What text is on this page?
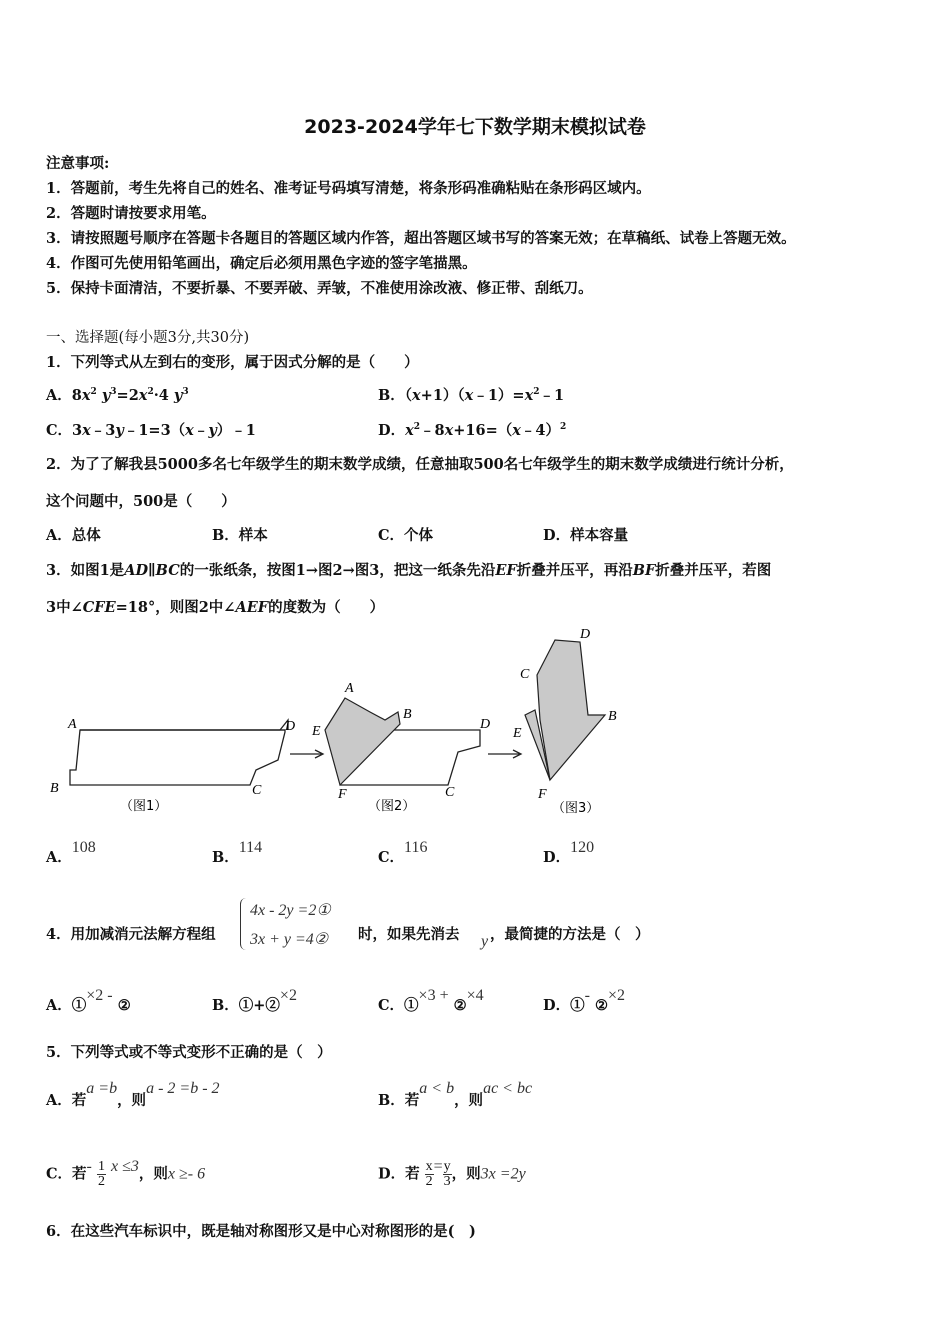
2023-2024学年七下数学期末模拟试卷
注意事项:
1．答题前，考生先将自己的姓名、准考证号码填写清楚，将条形码准确粘贴在条形码区域内。
2．答题时请按要求用笔。
3．请按照题号顺序在答题卡各题目的答题区域内作答，超出答题区域书写的答案无效；在草稿纸、试卷上答题无效。
4．作图可先使用铅笔画出，确定后必须用黑色字迹的签字笔描黑。
5．保持卡面清洁，不要折暴、不要弄破、弄皱，不准使用涂改液、修正带、刮纸刀。
一、选择题(每小题3分,共30分)
1．下列等式从左到右的变形，属于因式分解的是（　　）
A．$8x^2$ $y^3=2x^2\cdot 4$ $y^3$	B．$(x+1)(x﹣1)=x^2﹣1$
C．3x﹣3y﹣1=3（x﹣y）﹣1	D．$x^2﹣8x+16=(x﹣4)^2$
2．为了了解我县5000多名七年级学生的期末数学成绩，任意抽取500名七年级学生的期末数学成绩进行统计分析，
这个问题中，500是（　　）
A．总体	B．样本	C．个体	D．样本容量
3．如图1是AD∥BC的一张纸条，按图1→图2→图3，把这一纸条先沿EF折叠并压平，再沿BF折叠并压平，若图
3中∠CFE=18°，则图2中∠AEF的度数为（　　）
A
B	C
D
（图1）
A
B
C
D
E
F
（图2）
D
C
B
E
F
（图3）
A．108
B．114
C．116
D．120
4．用加减消元法解方程组
4x - 2y =2①
3x + y =4② 时，如果先消去 y ，最简捷的方法是（　）
A．①×2 - ②	B．①+②×2
C．①×3 + ②×4
D．①- ②×2
5．下列等式或不等式变形不正确的是（　）
A．若a =b，则a - 2 =b - 2
B．若a < b，则ac < bc
C．若- $\frac{1}{2}$ x ≤3，则x ≥- 6	D．若 $\frac{x}{2} = \frac{y}{3}$ ，则3x =2y
6．在这些汽车标识中，既是轴对称图形又是中心对称图形的是(　)
